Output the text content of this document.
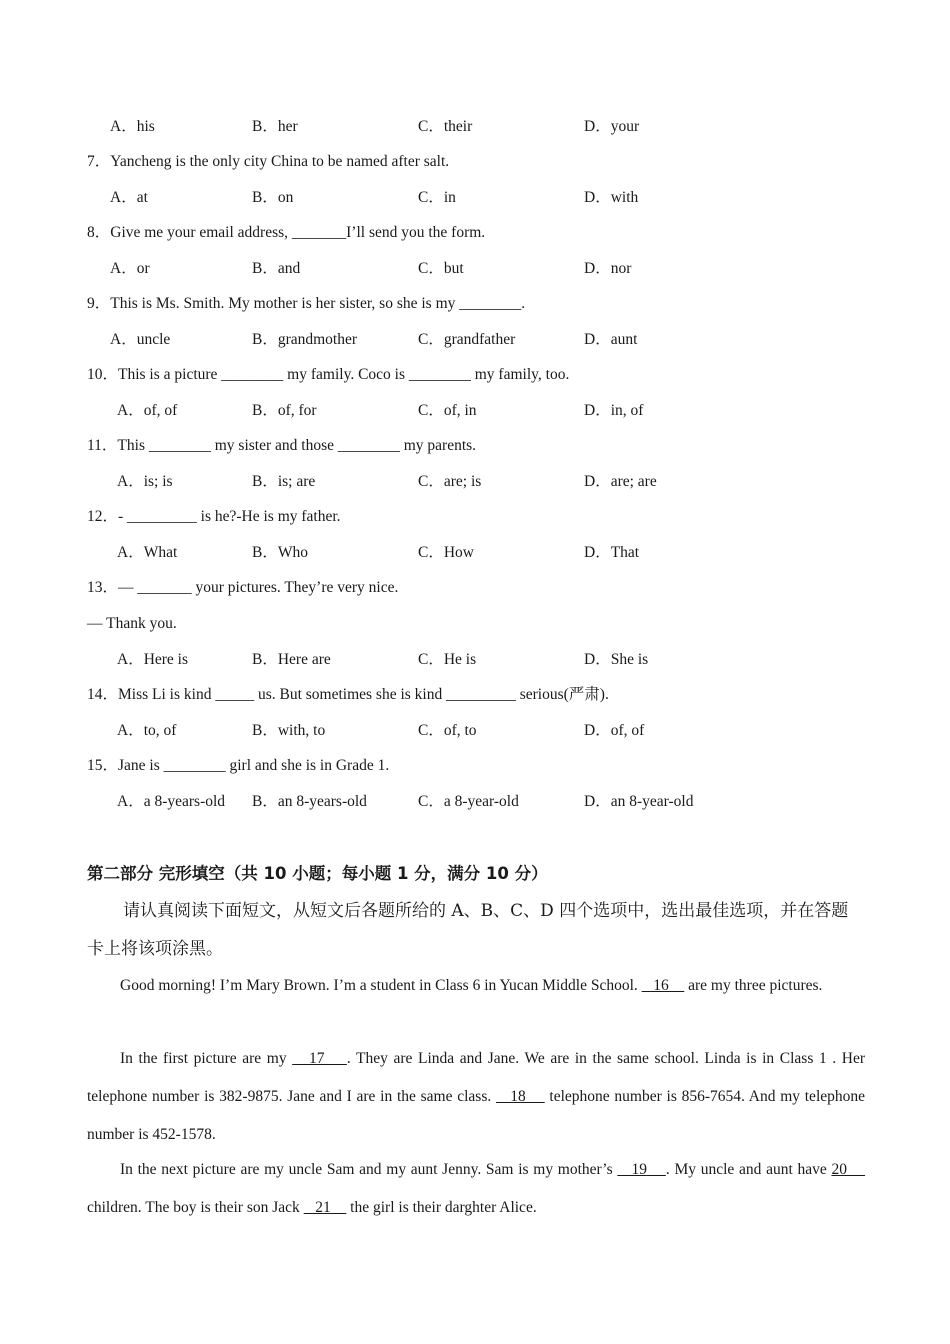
A．his	B．her	C．their	D．your
7．Yancheng is the only city China to be named after salt.
A．at	B．on	C．in	D．with
8．Give me your email address, _______I’ll send you the form.
A．or	B．and	C．but	D．nor
9．This is Ms. Smith. My mother is her sister, so she is my ________.
A．uncle	B．grandmother	C．grandfather	D．aunt
10．This is a picture ________ my family. Coco is ________ my family, too.
A．of, of	B．of, for	C．of, in	D．in, of
11．This ________ my sister and those ________ my parents.
A．is; is	B．is; are	C．are; is	D．are; are
12．- _________ is he?-He is my father.
A．What	B．Who	C．How	D．That
13．— _______ your pictures. They’re very nice.
— Thank you.
A．Here is	B．Here are	C．He is	D．She is
14．Miss Li is kind _____ us. But sometimes she is kind _________ serious(严肃).
A．to, of	B．with, to	C．of, to	D．of, of
15．Jane is ________ girl and she is in Grade 1.
A．a 8-years-old B．an 8-years-old	C．a 8-year-old	D．an 8-year-old
第二部分 完形填空（共 10 小题；每小题 1 分，满分 10 分）
请认真阅读下面短文，从短文后各题所给的 A、B、C、D 四个选项中，选出最佳选项，并在答题卡上将该项涂黑。
Good morning! I’m Mary Brown. I’m a student in Class 6 in Yucan Middle School.    16     are my three pictures.
In the first picture are my    17    . They are Linda and Jane. We are in the same school. Linda is in Class 1 . Her telephone number is 382-9875. Jane and I are in the same class.    18     telephone number is 856-7654. And my telephone number is 452-1578.
In the next picture are my uncle Sam and my aunt Jenny. Sam is my mother’s    19    . My uncle and aunt have 20     children. The boy is their son Jack    21     the girl is their darghter Alice.
